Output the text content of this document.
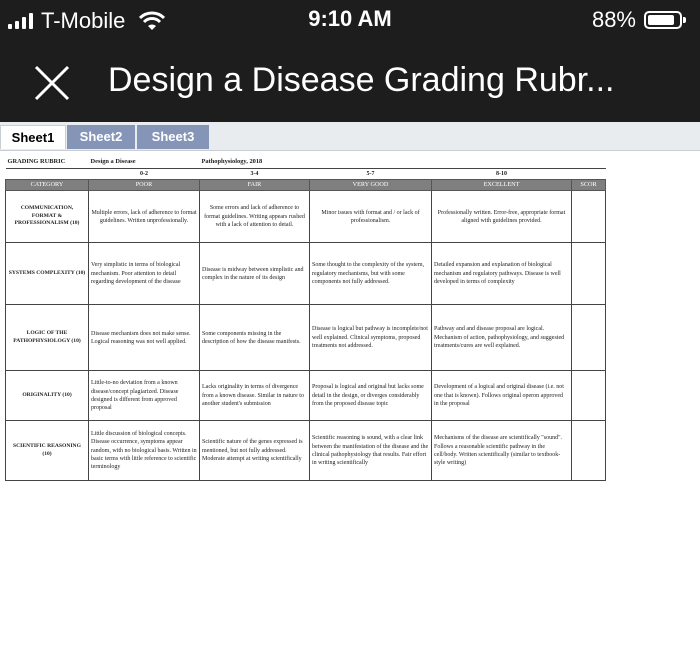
T-Mobile	9:10 AM	88%
Design a Disease Grading Rubr...
Sheet1	Sheet2	Sheet3
GRADING RUBRIC	Design a Disease	Pathophysiology, 2018			
	0-2	3-4	5-7	8-10	
CATEGORY	POOR	FAIR	VERY GOOD	EXCELLENT	SCOR
COMMUNICATION, FORMAT & PROFESSIONALISM (10)	Multiple errors, lack of adherence to format guidelines. Written unprofessionally.	Some errors and lack of adherence to format guidelines. Writing appears rushed with a lack of attention to detail.	Minor issues with format and / or lack of professionalism.	Professionally written. Error-free, appropriate format aligned with guidelines provided.	
SYSTEMS COMPLEXITY (10)	Very simplistic in terms of biological mechanism. Poor attention to detail regarding development of the disease	Disease is midway between simplistic and complex in the nature of its design	Some thought to the complexity of the system, regulatory mechanisms, but with some components not fully addressed.	Detailed expansion and explanation of biological mechanism and regulatory pathways. Disease is well developed in terms of complexity	
LOGIC OF THE PATHOPHYSIOLOGY (10)	Disease mechanism does not make sense. Logical reasoning was not well applied.	Some components missing in the description of how the disease manifests.	Disease is logical but pathway is incomplete/not well explained. Clinical symptoms, proposed treatments not addressed.	Pathway and and disease proposal are logical. Mechanism of action, pathophysiology, and suggested treatments/cures are well explained.	
ORIGINALITY (10)	Little-to-no deviation from a known disease/concept plagiarized. Disease designed is different from approved proposal	Lacks originality in terms of divergence from a known disease. Similar in nature to another student's submission	Proposal is logical and original but lacks some detail in the design, or diverges considerably from the proposed disease topic	Development of a logical and original disease (i.e. not one that is known). Follows original operon approved in the proposal	
SCIENTIFIC REASONING (10)	Little discussion of biological concepts. Disease occurrence, symptoms appear random, with no biological basis. Written in basic terms with little reference to scientific terminology	Scientific nature of the genes expressed is mentioned, but not fully addressed. Moderate attempt at writing scientifically	Scientific reasoning is sound, with a clear link between the manifestation of the disease and the clinical pathophysiology that results. Fair effort in writing scientifically	Mechanisms of the disease are scientifically "sound". Follows a reasonable scientific pathway in the cell/body. Written scientifically (similar to textbook-style writing)	
